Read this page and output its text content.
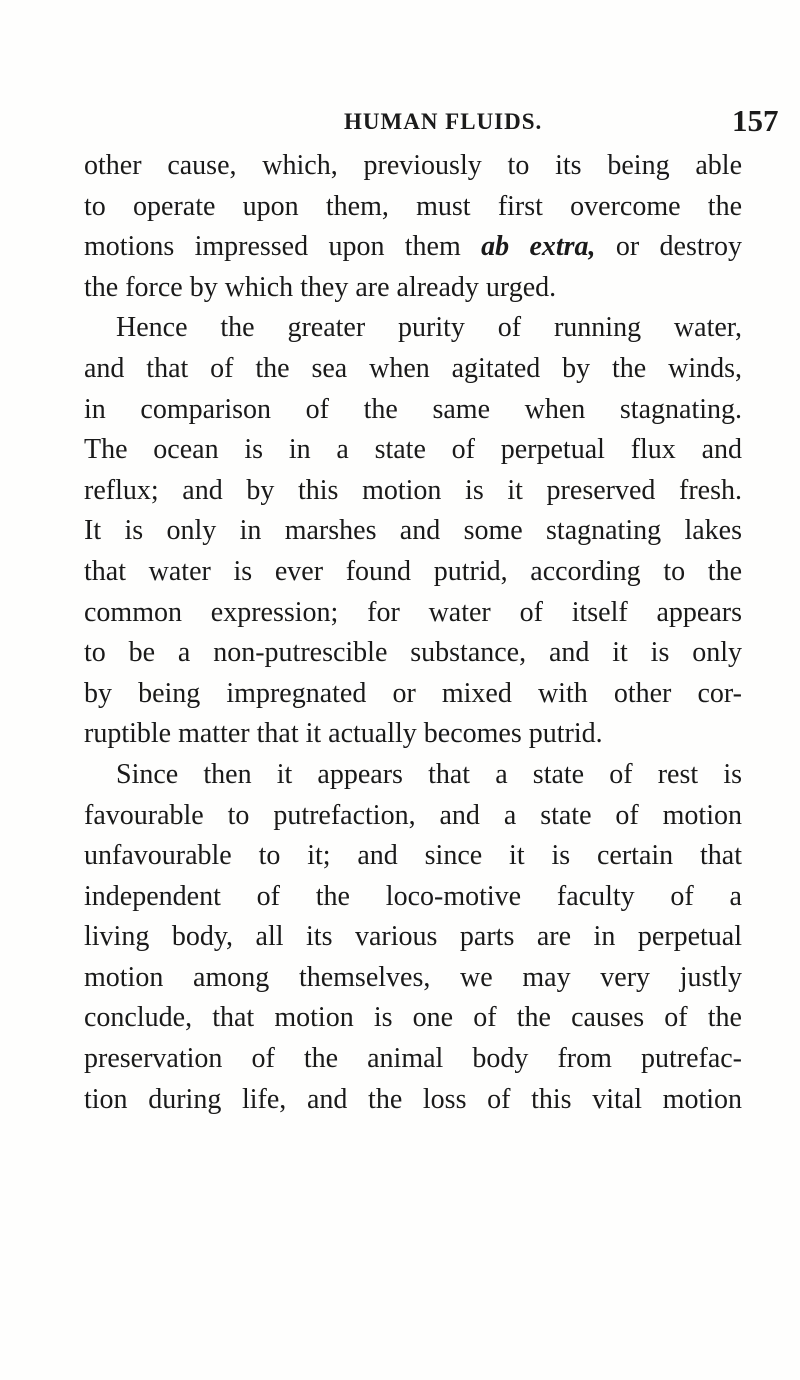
HUMAN FLUIDS.	157
other cause, which, previously to its being able
to operate upon them, must first overcome the
motions impressed upon them ab extra, or destroy
the force by which they are already urged.
Hence the greater purity of running water,
and that of the sea when agitated by the winds,
in comparison of the same when stagnating.
The ocean is in a state of perpetual flux and
reflux; and by this motion is it preserved fresh.
It is only in marshes and some stagnating lakes
that water is ever found putrid, according to the
common expression; for water of itself appears
to be a non-putrescible substance, and it is only
by being impregnated or mixed with other cor-
ruptible matter that it actually becomes putrid.
Since then it appears that a state of rest is
favourable to putrefaction, and a state of motion
unfavourable to it; and since it is certain that
independent of the loco-motive faculty of a
living body, all its various parts are in perpetual
motion among themselves, we may very justly
conclude, that motion is one of the causes of the
preservation of the animal body from putrefac-
tion during life, and the loss of this vital motion
